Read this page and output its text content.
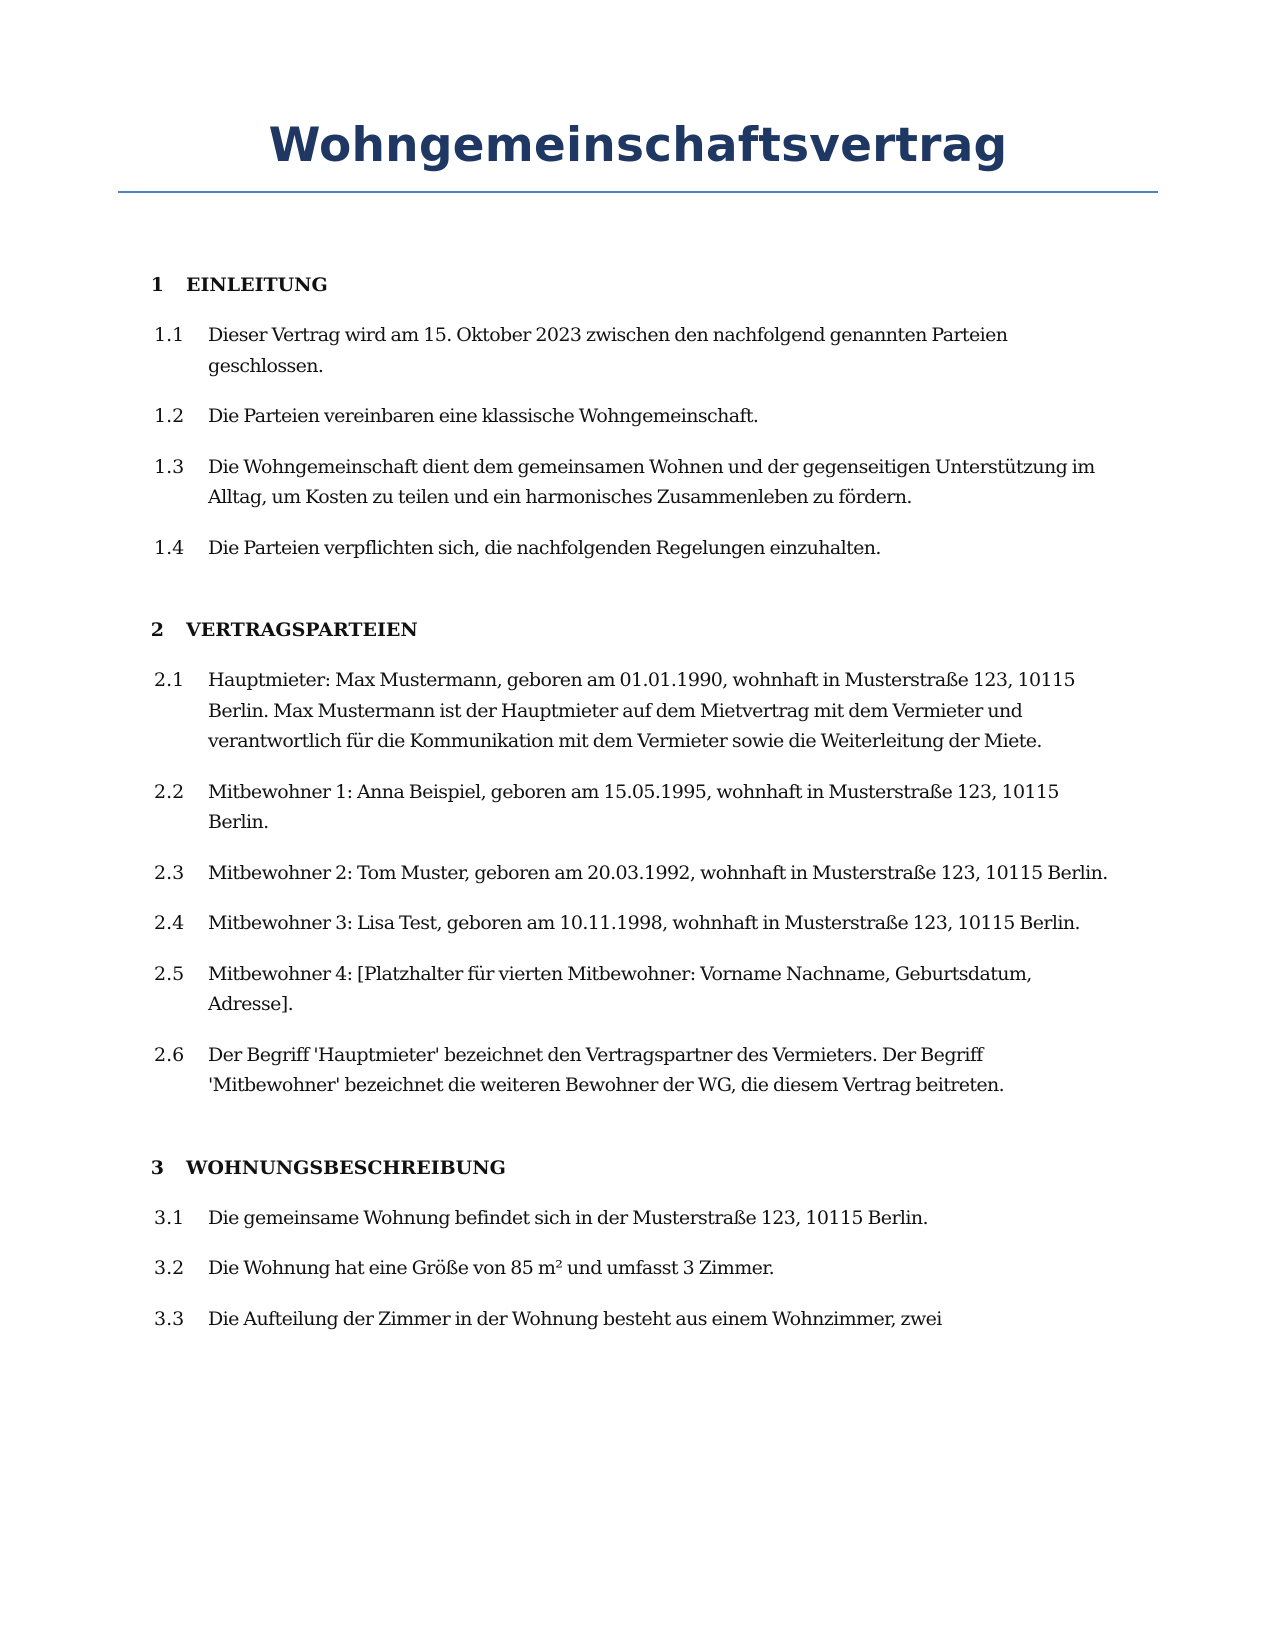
Wohngemeinschaftsvertrag
1	EINLEITUNG
1.1	Dieser Vertrag wird am 15. Oktober 2023 zwischen den nachfolgend genannten Parteien geschlossen.
1.2	Die Parteien vereinbaren eine klassische Wohngemeinschaft.
1.3	Die Wohngemeinschaft dient dem gemeinsamen Wohnen und der gegenseitigen Unterstützung im Alltag, um Kosten zu teilen und ein harmonisches Zusammenleben zu fördern.
1.4	Die Parteien verpflichten sich, die nachfolgenden Regelungen einzuhalten.
2	VERTRAGSPARTEIEN
2.1	Hauptmieter: Max Mustermann, geboren am 01.01.1990, wohnhaft in Musterstraße 123, 10115 Berlin. Max Mustermann ist der Hauptmieter auf dem Mietvertrag mit dem Vermieter und verantwortlich für die Kommunikation mit dem Vermieter sowie die Weiterleitung der Miete.
2.2	Mitbewohner 1: Anna Beispiel, geboren am 15.05.1995, wohnhaft in Musterstraße 123, 10115 Berlin.
2.3	Mitbewohner 2: Tom Muster, geboren am 20.03.1992, wohnhaft in Musterstraße 123, 10115 Berlin.
2.4	Mitbewohner 3: Lisa Test, geboren am 10.11.1998, wohnhaft in Musterstraße 123, 10115 Berlin.
2.5	Mitbewohner 4: [Platzhalter für vierten Mitbewohner: Vorname Nachname, Geburtsdatum, Adresse].
2.6	Der Begriff 'Hauptmieter' bezeichnet den Vertragspartner des Vermieters. Der Begriff 'Mitbewohner' bezeichnet die weiteren Bewohner der WG, die diesem Vertrag beitreten.
3	WOHNUNGSBESCHREIBUNG
3.1	Die gemeinsame Wohnung befindet sich in der Musterstraße 123, 10115 Berlin.
3.2	Die Wohnung hat eine Größe von 85 m² und umfasst 3 Zimmer.
3.3	Die Aufteilung der Zimmer in der Wohnung besteht aus einem Wohnzimmer, zwei
